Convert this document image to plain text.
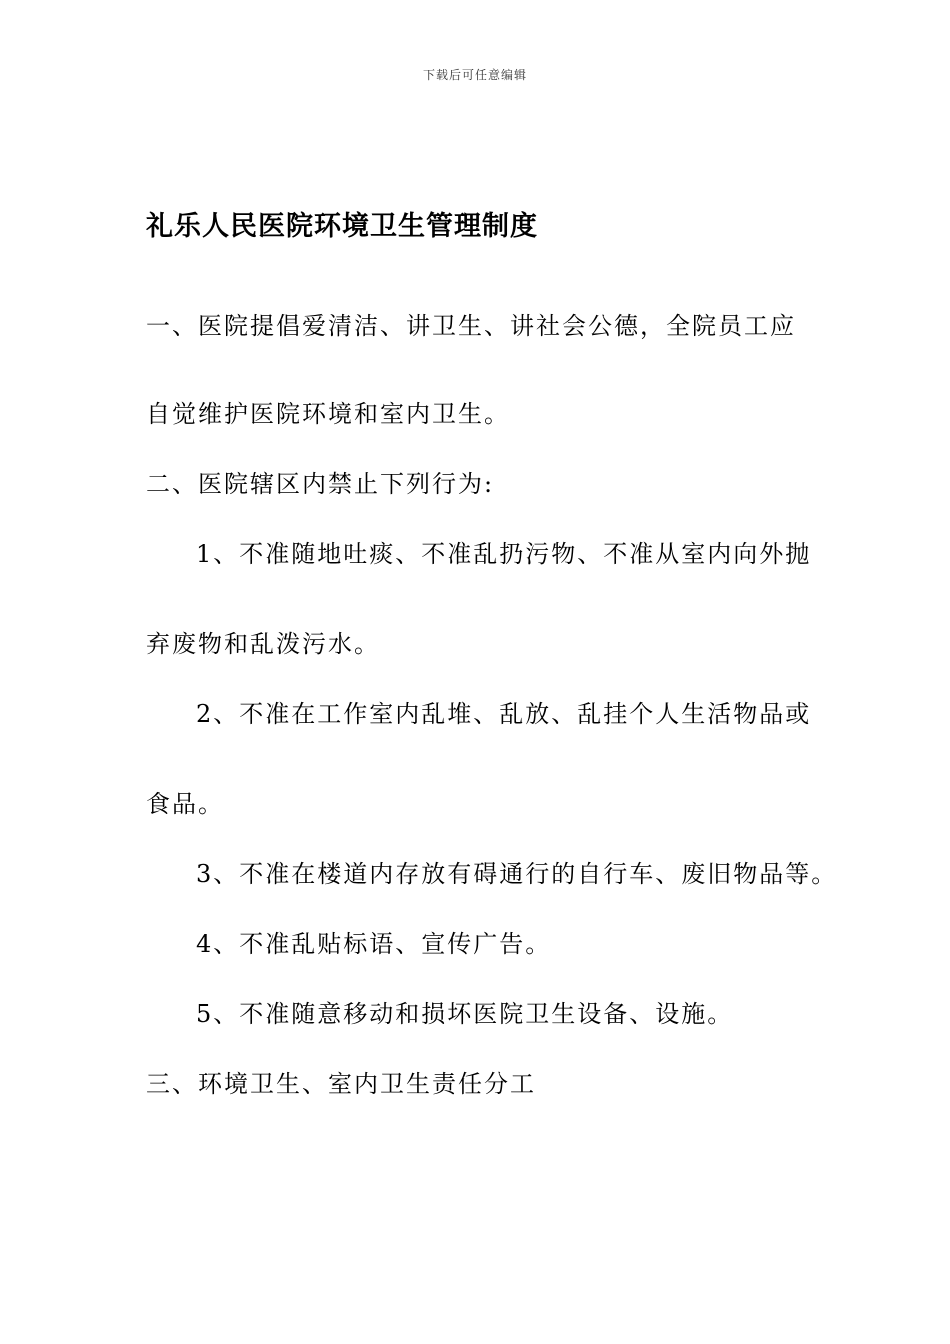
下载后可任意编辑
礼乐人民医院环境卫生管理制度
一、医院提倡爱清洁、讲卫生、讲社会公德，全院员工应
自觉维护医院环境和室内卫生。
二、医院辖区内禁止下列行为:
1、不准随地吐痰、不准乱扔污物、不准从室内向外抛
弃废物和乱泼污水。
2、不准在工作室内乱堆、乱放、乱挂个人生活物品或
食品。
3、不准在楼道内存放有碍通行的自行车、废旧物品等。
4、不准乱贴标语、宣传广告。
5、不准随意移动和损坏医院卫生设备、设施。
三、环境卫生、室内卫生责任分工
